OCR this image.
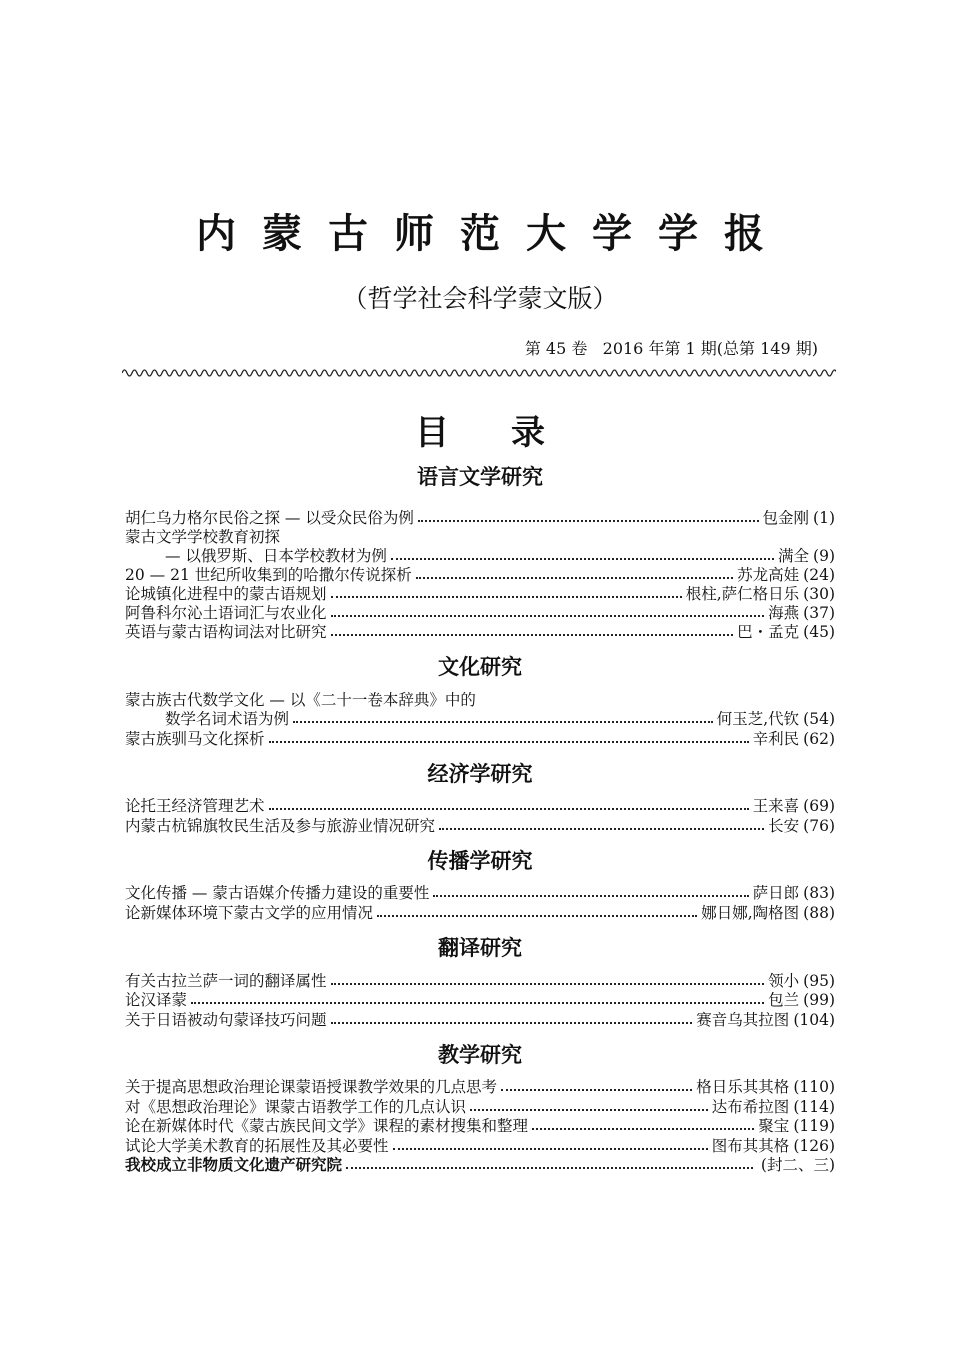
内蒙古师范大学学报
（哲学社会科学蒙文版）
第 45 卷   2016 年第 1 期(总第 149 期)
目 录
语言文学研究
胡仁乌力格尔民俗之探 — 以受众民俗为例	包金刚 (1)
蒙古文学学校教育初探
— 以俄罗斯、日本学校教材为例	满全 (9)
20 — 21 世纪所收集到的哈撒尔传说探析	苏龙高娃 (24)
论城镇化进程中的蒙古语规划	根柱,萨仁格日乐 (30)
阿鲁科尔沁土语词汇与农业化	海燕 (37)
英语与蒙古语构词法对比研究	巴・孟克 (45)
文化研究
蒙古族古代数学文化 — 以《二十一卷本辞典》中的
数学名词术语为例	何玉芝,代钦 (54)
蒙古族驯马文化探析	辛利民 (62)
经济学研究
论托王经济管理艺术	王来喜 (69)
内蒙古杭锦旗牧民生活及参与旅游业情况研究	长安 (76)
传播学研究
文化传播 — 蒙古语媒介传播力建设的重要性	萨日郎 (83)
论新媒体环境下蒙古文学的应用情况	娜日娜,陶格图 (88)
翻译研究
有关古拉兰萨一词的翻译属性	领小 (95)
论汉译蒙	包兰 (99)
关于日语被动句蒙译技巧问题	赛音乌其拉图 (104)
教学研究
关于提高思想政治理论课蒙语授课教学效果的几点思考	格日乐其其格 (110)
对《思想政治理论》课蒙古语教学工作的几点认识	达布希拉图 (114)
论在新媒体时代《蒙古族民间文学》课程的素材搜集和整理	聚宝 (119)
试论大学美术教育的拓展性及其必要性	图布其其格 (126)
我校成立非物质文化遗产研究院	(封二、三)
